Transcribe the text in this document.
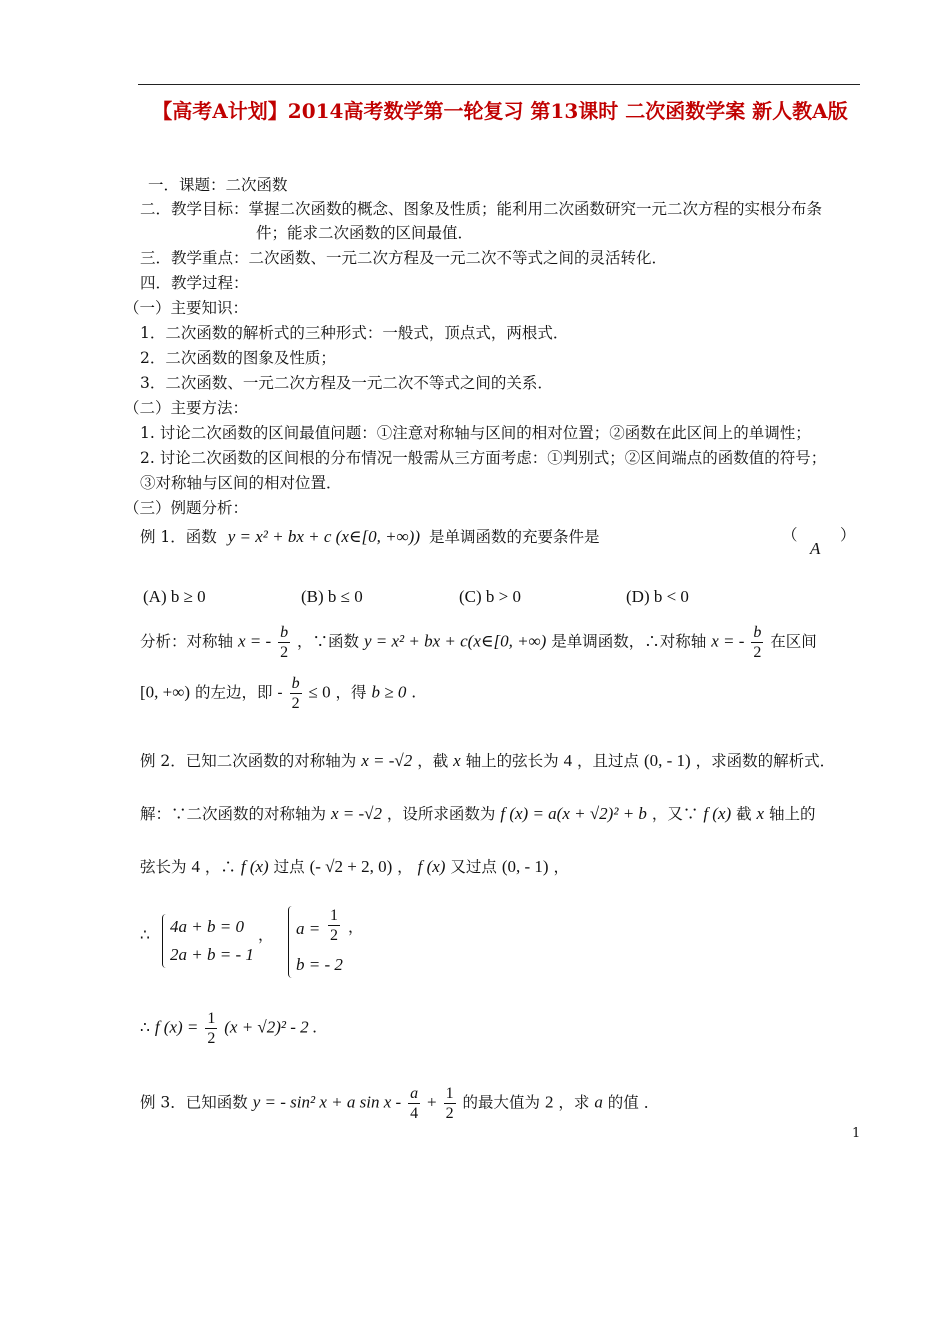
【高考A计划】2014高考数学第一轮复习 第13课时 二次函数学案 新人教A版
一．课题：二次函数
二．教学目标：掌握二次函数的概念、图象及性质；能利用二次函数研究一元二次方程的实根分布条
件；能求二次函数的区间最值．
三．教学重点：二次函数、一元二次方程及一元二次不等式之间的灵活转化．
四．教学过程：
（一）主要知识：
1．二次函数的解析式的三种形式：一般式，顶点式，两根式．
2．二次函数的图象及性质；
3．二次函数、一元二次方程及一元二次不等式之间的关系．
（二）主要方法：
1. 讨论二次函数的区间最值问题：①注意对称轴与区间的相对位置；②函数在此区间上的单调性；
2. 讨论二次函数的区间根的分布情况一般需从三方面考虑：①判别式；②区间端点的函数值的符号；
③对称轴与区间的相对位置．
（三）例题分析：
例 1．函数 y = x² + bx + c (x∈[0, +∞)) 是单调函数的充要条件是	（
A
）
(A) b ≥ 0	(B) b ≤ 0	(C) b > 0	(D) b < 0
分析：对称轴 x = - $\frac{b}{2}$ ，∵函数 y = x² + bx + c(x∈[0, +∞) 是单调函数，∴对称轴 x = - $\frac{b}{2}$ 在区间
[0, +∞) 的左边，即 - $\frac{b}{2} \le 0$ ，得 b ≥ 0 .
例 2．已知二次函数的对称轴为 x = -√2 ，截 x 轴上的弦长为 4 ，且过点 (0, - 1) ，求函数的解析式．
解：∵二次函数的对称轴为 x = -√2 ，设所求函数为 f (x) = a(x + √2)² + b ，又∵ f (x) 截 x 轴上的
弦长为 4 ，∴ f (x) 过点 (- √2 + 2, 0) ， f (x) 又过点 (0, - 1) ，
∴ 4a + b = 0
2a + b = - 1
， $a = \frac{1}{2}$
b = - 2
，
∴ f $(x) = \frac{1}{2} (x + √2)^2 - 2$ .
例 3．已知函数 y = - sin² x + a $\sin x - \frac{a}{4} + \frac{1}{2}$ 的最大值为 2 ，求 a 的值 ．
1
